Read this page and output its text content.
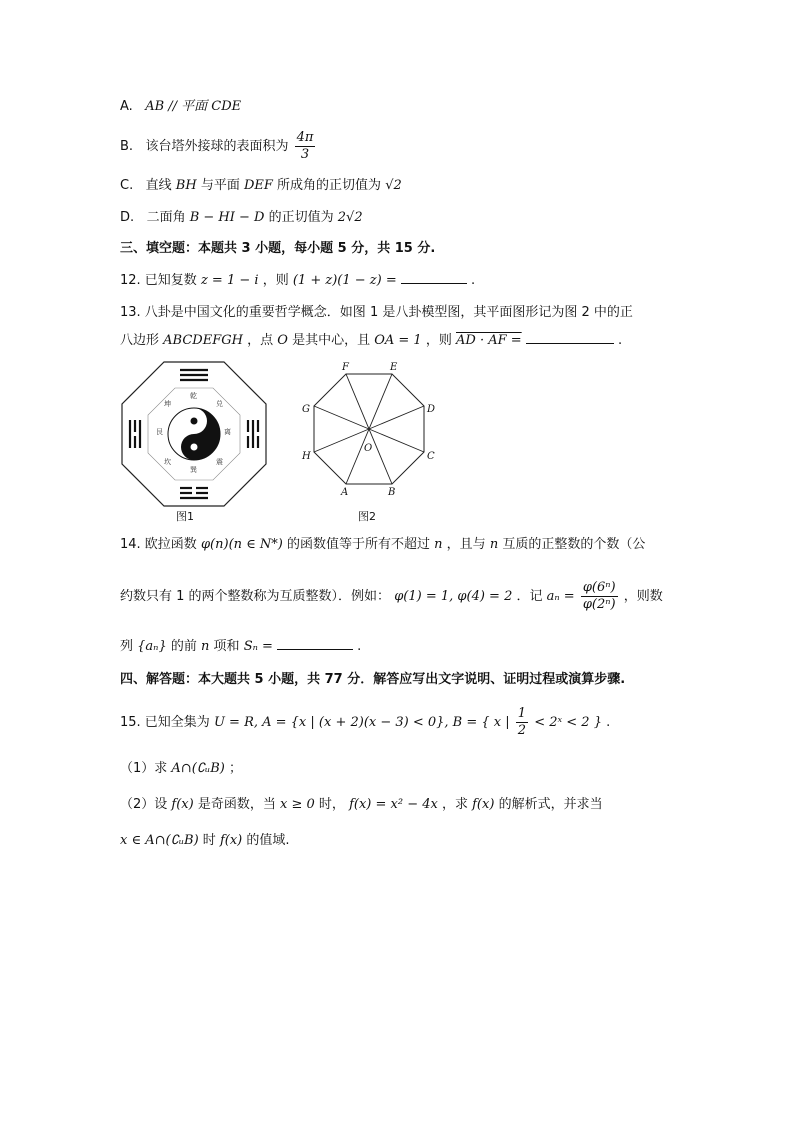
A. AB // 平面 CDE
B. 该台塔外接球的表面积为 $\frac{4\pi}{3}$
C. 直线 BH 与平面 DEF 所成角的正切值为 √2
D. 二面角 B − HI − D 的正切值为 2√2
三、填空题：本题共 3 小题，每小题 5 分，共 15 分.
12. 已知复数 z = 1 − i ，则 (1 + z)(1 − z) =	.
13. 八卦是中国文化的重要哲学概念．如图 1 是八卦模型图，其平面图形记为图 2 中的正
八边形 ABCDEFGH ，点 O 是其中心，且 OA = 1 ，则 AD · AF =	.
乾
兑
离
震
巽
坎
艮
坤
图1
A	B
C
D
E
F
G
H
O
图2
14. 欧拉函数 φ(n)(n ∈ N*) 的函数值等于所有不超过 n ，且与 n 互质的正整数的个数（公
约数只有 1 的两个整数称为互质整数）．例如： φ(1) = 1, φ(4) = 2 ．记 $a_n = \frac{\text{φ(6ⁿ)}}{\text{φ(2ⁿ)}}$ ，则数
列 {aₙ} 的前 n 项和 Sₙ =	.
四、解答题：本大题共 5 小题，共 77 分．解答应写出文字说明、证明过程或演算步骤.
15. 已知全集为 U = R, A = {x | (x + 2)(x − 3) < 0}, B = { x | $\frac{1}{2}$ < 2ˣ < 2 } .
（1）求 A∩(∁ᵤB) ；
（2）设 f(x) 是奇函数，当 x ≥ 0 时， f(x) = x² − 4x ，求 f(x) 的解析式，并求当
x ∈ A∩(∁ᵤB) 时 f(x) 的值域.
